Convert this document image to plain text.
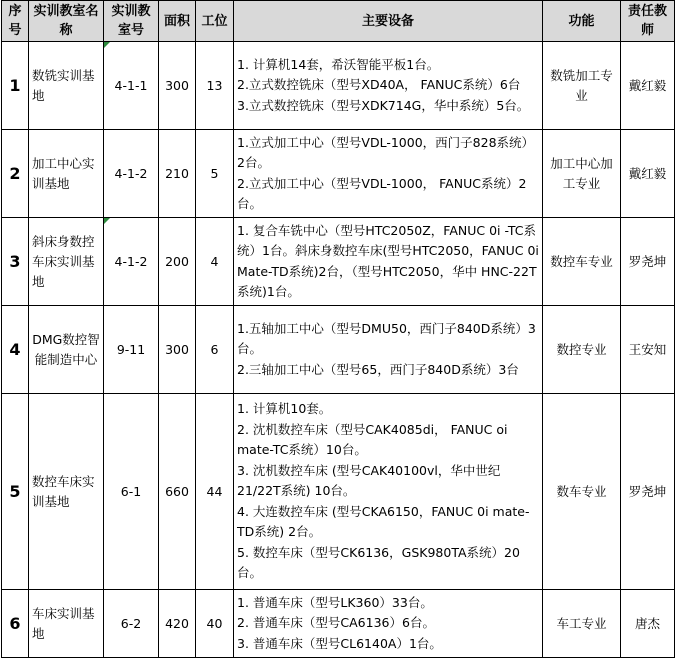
序号	实训教室名称	实训教室号	面积	工位	主要设备	功能	责任教师
1	数铣实训基地	4-1-1	300	13	1. 计算机14套，希沃智能平板1台。
2.立式数控铣床（型号XD40A， FANUC系统）6台
3.立式数控铣床（型号XDK714G，华中系统）5台。	数铣加工专业	戴红毅
2	加工中心实训基地	4-1-2	210	5	1.立式加工中心（型号VDL-1000，西门子828系统）2台。
2.立式加工中心（型号VDL-1000， FANUC系统）2台。	加工中心加工专业	戴红毅
3	斜床身数控车床实训基地	4-1-2	200	4	1. 复合车铣中心（型号HTC2050Z，FANUC 0i -TC系统）1台。斜床身数控车床(型号HTC2050，FANUC 0i Mate-TD系统)2台，（型号HTC2050，华中 HNC-22T系统)1台。	数控车专业	罗尧坤
4	DMG数控智能制造中心	9-11	300	6	1.五轴加工中心（型号DMU50，西门子840D系统）3台。
2.三轴加工中心（型号65，西门子840D系统）3台	数控专业	王安知
5	数控车床实训基地	6-1	660	44	1. 计算机10套。
2. 沈机数控车床（型号CAK4085di， FANUC oi mate-TC系统）10台。
3. 沈机数控车床 (型号CAK40100vl，华中世纪21/22T系统) 10台。
4. 大连数控车床 (型号CKA6150，FANUC 0i mate-TD系统) 2台。
5. 数控车床（型号CK6136，GSK980TA系统）20台。	数车专业	罗尧坤
6	车床实训基地	6-2	420	40	1. 普通车床（型号LK360）33台。
2. 普通车床（型号CA6136）6台。
3. 普通车床（型号CL6140A）1台。	车工专业	唐杰
